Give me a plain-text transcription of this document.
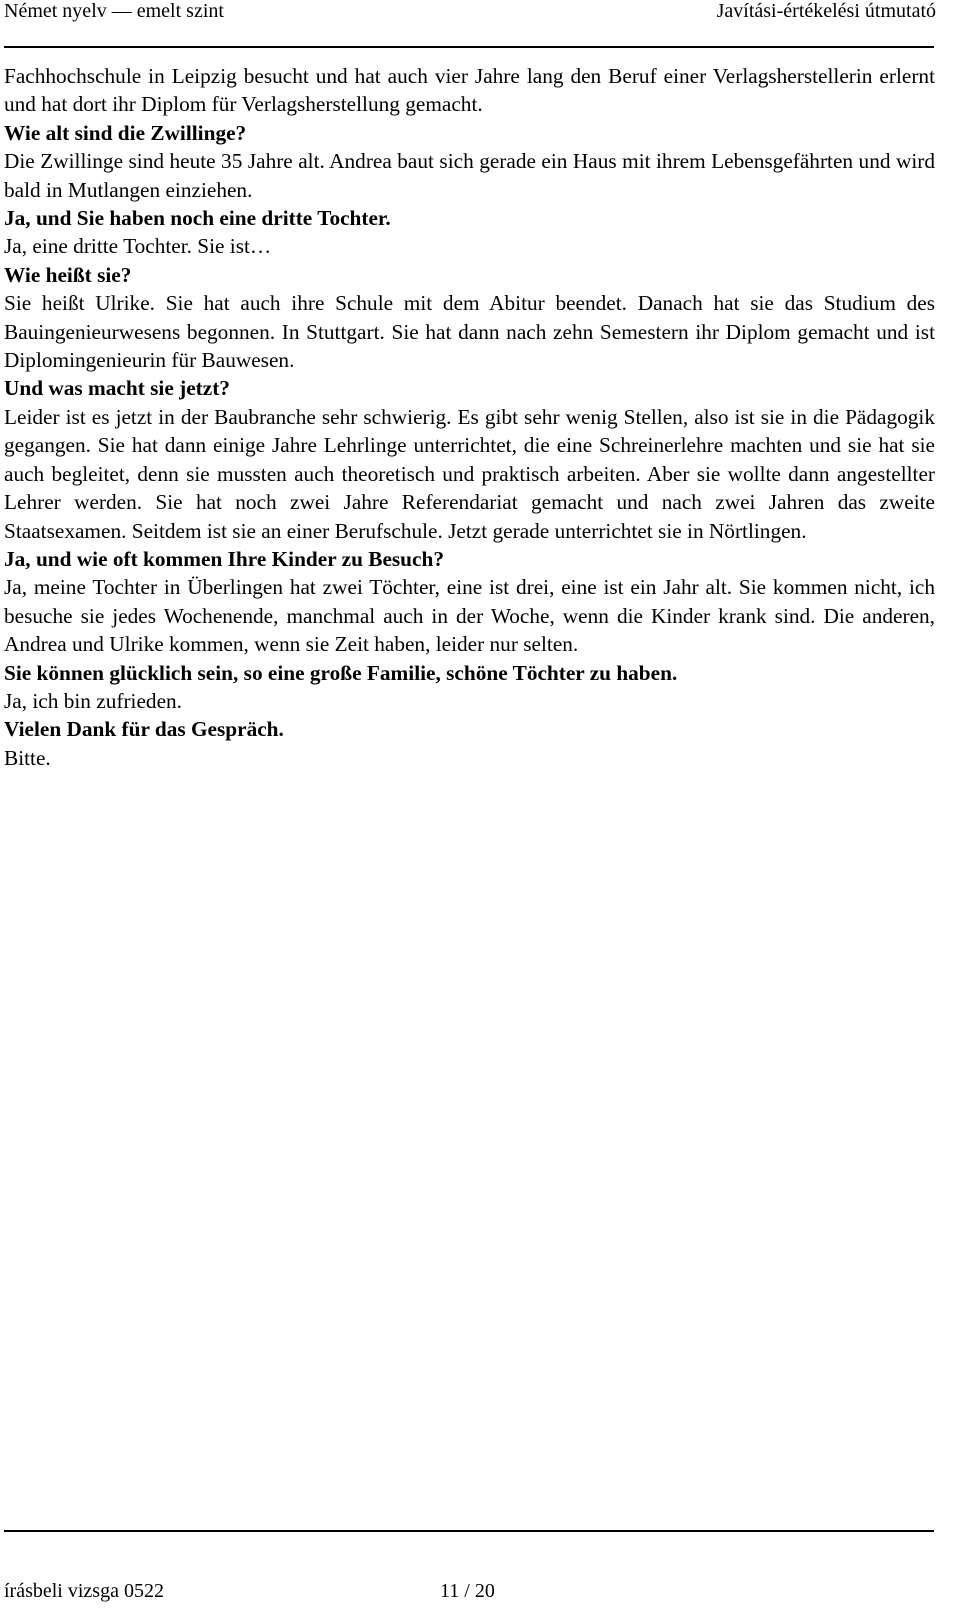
Német nyelv — emelt szint	Javítási-értékelési útmutató

Fachhochschule in Leipzig besucht und hat auch vier Jahre lang den Beruf einer Verlagsherstellerin erlernt und hat dort ihr Diplom für Verlagsherstellung gemacht.

Wie alt sind die Zwillinge?

Die Zwillinge sind heute 35 Jahre alt. Andrea baut sich gerade ein Haus mit ihrem Lebensgefährten und wird bald in Mutlangen einziehen.

Ja, und Sie haben noch eine dritte Tochter.

Ja, eine dritte Tochter. Sie ist…

Wie heißt sie?

Sie heißt Ulrike. Sie hat auch ihre Schule mit dem Abitur beendet. Danach hat sie das Studium des Bauingenieurwesens begonnen. In Stuttgart. Sie hat dann nach zehn Semestern ihr Diplom gemacht und ist Diplomingenieurin für Bauwesen.

Und was macht sie jetzt?

Leider ist es jetzt in der Baubranche sehr schwierig. Es gibt sehr wenig Stellen, also ist sie in die Pädagogik gegangen. Sie hat dann einige Jahre Lehrlinge unterrichtet, die eine Schreinerlehre machten und sie hat sie auch begleitet, denn sie mussten auch theoretisch und praktisch arbeiten. Aber sie wollte dann angestellter Lehrer werden. Sie hat noch zwei Jahre Referendariat gemacht und nach zwei Jahren das zweite Staatsexamen. Seitdem ist sie an einer Berufschule. Jetzt gerade unterrichtet sie in Nörtlingen.

Ja, und wie oft kommen Ihre Kinder zu Besuch?

Ja, meine Tochter in Überlingen hat zwei Töchter, eine ist drei, eine ist ein Jahr alt. Sie kommen nicht, ich besuche sie jedes Wochenende, manchmal auch in der Woche, wenn die Kinder krank sind. Die anderen, Andrea und Ulrike kommen, wenn sie Zeit haben, leider nur selten.

Sie können glücklich sein, so eine große Familie, schöne Töchter zu haben.

Ja, ich bin zufrieden.

Vielen Dank für das Gespräch.

Bitte.

írásbeli vizsga 0522	11 / 20
